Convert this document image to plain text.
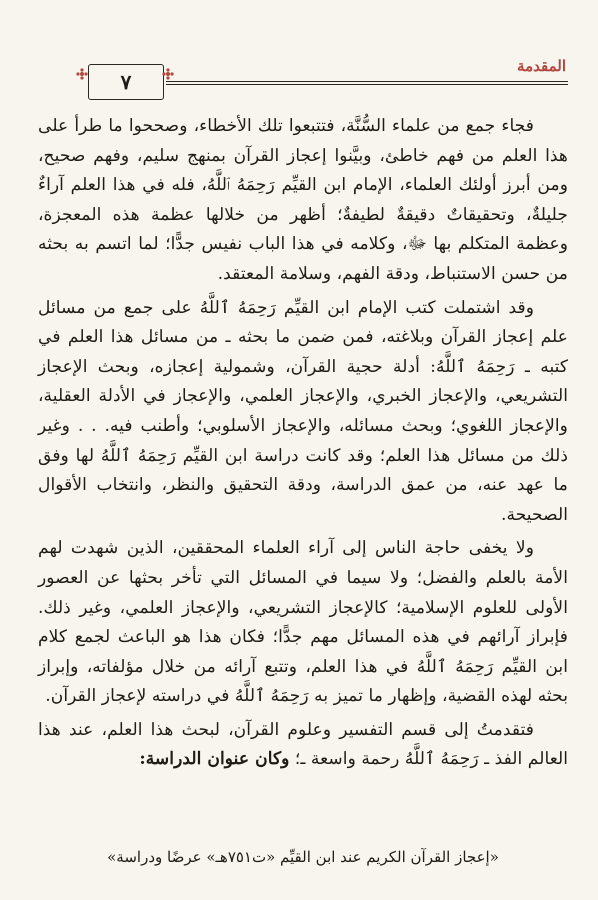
٧
المقدمة

فجاء جمع من علماء السُّنَّة، فتتبعوا تلك الأخطاء، وصححوا ما طرأ على هذا العلم من فهم خاطئ، وبيَّنوا إعجاز القرآن بمنهج سليم، وفهم صحيح، ومن أبرز أولئك العلماء، الإمام ابن القيِّم رَحِمَهُ ٱللَّهُ، فله في هذا العلم آراءٌ جليلةٌ، وتحقيقاتٌ دقيقةٌ لطيفةٌ؛ أظهر من خلالها عظمة هذه المعجزة، وعظمة المتكلم بها ﷻ، وكلامه في هذا الباب نفيس جدًّا؛ لما اتسم به بحثه من حسن الاستنباط، ودقة الفهم، وسلامة المعتقد.

وقد اشتملت كتب الإمام ابن القيِّم رَحِمَهُ ٱللَّهُ على جمع من مسائل علم إعجاز القرآن وبلاغته، فمن ضمن ما بحثه ـ من مسائل هذا العلم في كتبه ـ رَحِمَهُ ٱللَّهُ: أدلة حجية القرآن، وشمولية إعجازه، وبحث الإعجاز التشريعي، والإعجاز الخبري، والإعجاز العلمي، والإعجاز في الأدلة العقلية، والإعجاز اللغوي؛ وبحث مسائله، والإعجاز الأسلوبي؛ وأطنب فيه. . . وغير ذلك من مسائل هذا العلم؛ وقد كانت دراسة ابن القيِّم رَحِمَهُ ٱللَّهُ لها وفق ما عهد عنه، من عمق الدراسة، ودقة التحقيق والنظر، وانتخاب الأقوال الصحيحة.

ولا يخفى حاجة الناس إلى آراء العلماء المحققين، الذين شهدت لهم الأمة بالعلم والفضل؛ ولا سيما في المسائل التي تأخر بحثها عن العصور الأولى للعلوم الإسلامية؛ كالإعجاز التشريعي، والإعجاز العلمي، وغير ذلك. فإبراز آرائهم في هذه المسائل مهم جدًّا؛ فكان هذا هو الباعث لجمع كلام ابن القيِّم رَحِمَهُ ٱللَّهُ في هذا العلم، وتتبع آرائه من خلال مؤلفاته، وإبراز بحثه لهذه القضية، وإظهار ما تميز به رَحِمَهُ ٱللَّهُ في دراسته لإعجاز القرآن.

فتقدمتُ إلى قسم التفسير وعلوم القرآن، لبحث هذا العلم، عند هذا العالم الفذ ـ رَحِمَهُ ٱللَّهُ رحمة واسعة ـ؛ وكان عنوان الدراسة:

«إعجاز القرآن الكريم عند ابن القيِّم «ت٧٥١هـ» عرضًا ودراسة»
